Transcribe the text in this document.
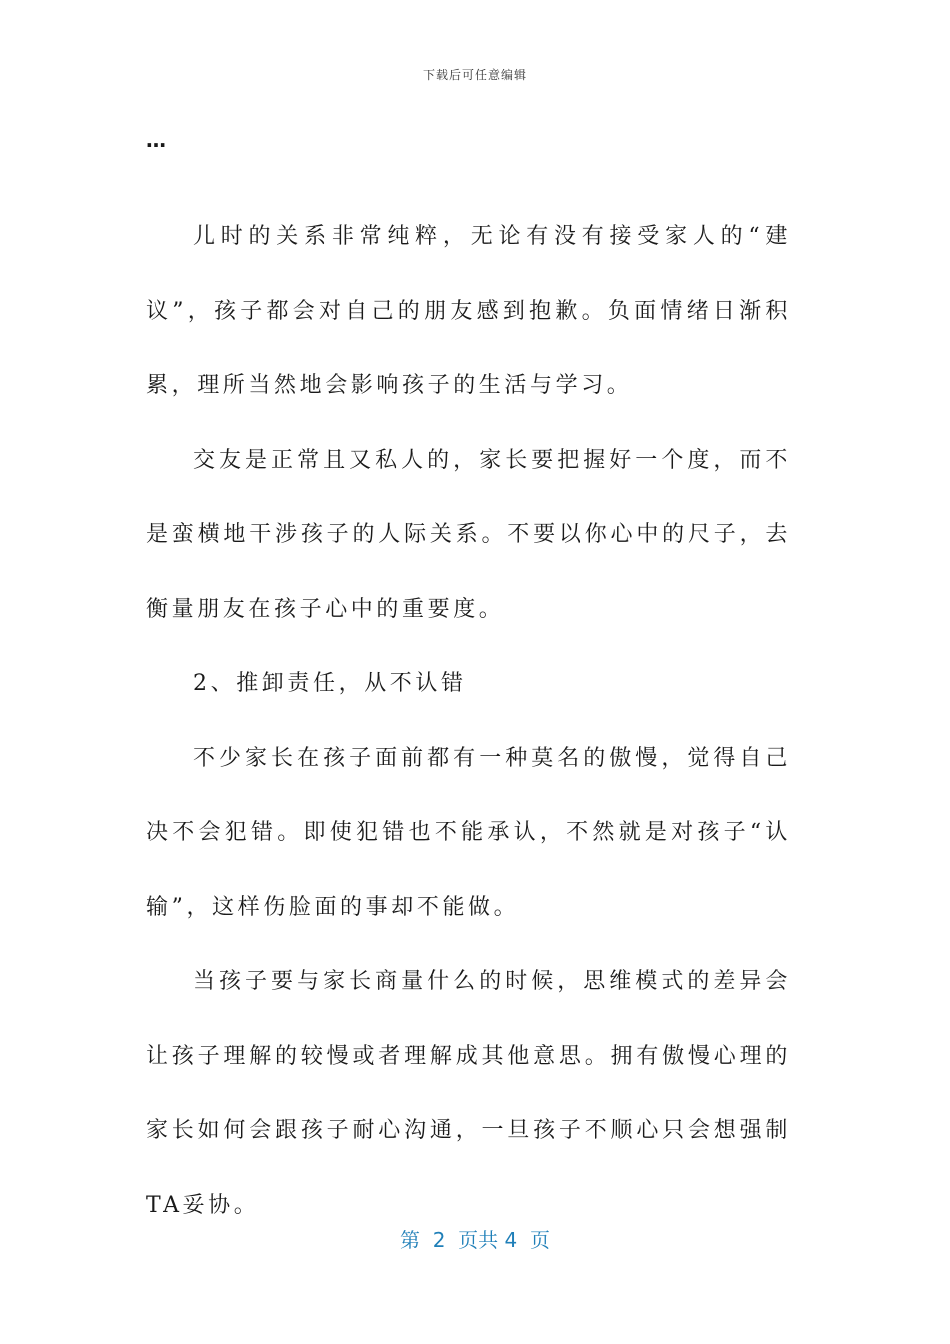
下载后可任意编辑
…

儿时的关系非常纯粹，无论有没有接受家人的“建议”，孩子都会对自己的朋友感到抱歉。负面情绪日渐积累，理所当然地会影响孩子的生活与学习。

交友是正常且又私人的，家长要把握好一个度，而不是蛮横地干涉孩子的人际关系。不要以你心中的尺子，去衡量朋友在孩子心中的重要度。

2、推卸责任，从不认错

不少家长在孩子面前都有一种莫名的傲慢，觉得自己决不会犯错。即使犯错也不能承认，不然就是对孩子“认输”，这样伤脸面的事却不能做。

当孩子要与家长商量什么的时候，思维模式的差异会让孩子理解的较慢或者理解成其他意思。拥有傲慢心理的家长如何会跟孩子耐心沟通，一旦孩子不顺心只会想强制TA妥协。

第  2  页共 4  页
